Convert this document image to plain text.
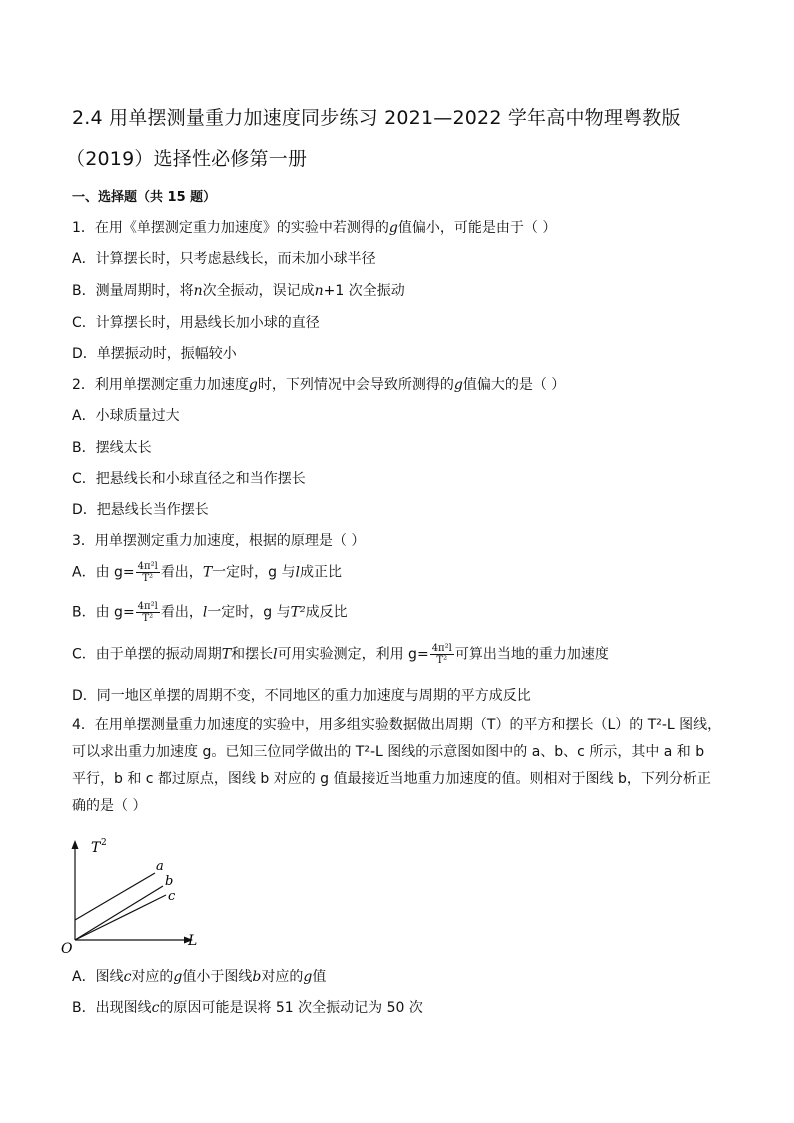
2.4 用单摆测量重力加速度同步练习 2021—2022 学年高中物理粤教版
（2019）选择性必修第一册
一、选择题（共 15 题）
1．在用《单摆测定重力加速度》的实验中若测得的g值偏小，可能是由于（ ）
A．计算摆长时，只考虑悬线长，而未加小球半径
B．测量周期时，将n次全振动，误记成n+1 次全振动
C．计算摆长时，用悬线长加小球的直径
D．单摆振动时，振幅较小
2．利用单摆测定重力加速度g时，下列情况中会导致所测得的g值偏大的是（ ）
A．小球质量过大
B．摆线太长
C．把悬线长和小球直径之和当作摆长
D．把悬线长当作摆长
3．用单摆测定重力加速度，根据的原理是（ ）
A．由 $g= \frac{\text{4π²l}}{\text{T²}}$ 看出，T一定时，g 与l成正比
B．由 $g= \frac{\text{4π²l}}{\text{T²}}$ 看出，l一定时，g 与T²成反比
C．由于单摆的振动周期T和摆长l可用实验测定，利用 $g= \frac{\text{4π²l}}{\text{T²}}$ 可算出当地的重力加速度
D．同一地区单摆的周期不变，不同地区的重力加速度与周期的平方成反比
4．在用单摆测量重力加速度的实验中，用多组实验数据做出周期（T）的平方和摆长（L）的 T²-L 图线，可以求出重力加速度 g。已知三位同学做出的 T²-L 图线的示意图如图中的 a、b、c 所示，其中 a 和 b 平行，b 和 c 都过原点，图线 b 对应的 g 值最接近当地重力加速度的值。则相对于图线 b，下列分析正确的是（ ）
T 2
L
O
a
b
c
A．图线c对应的g值小于图线b对应的g值
B．出现图线c的原因可能是误将 51 次全振动记为 50 次
